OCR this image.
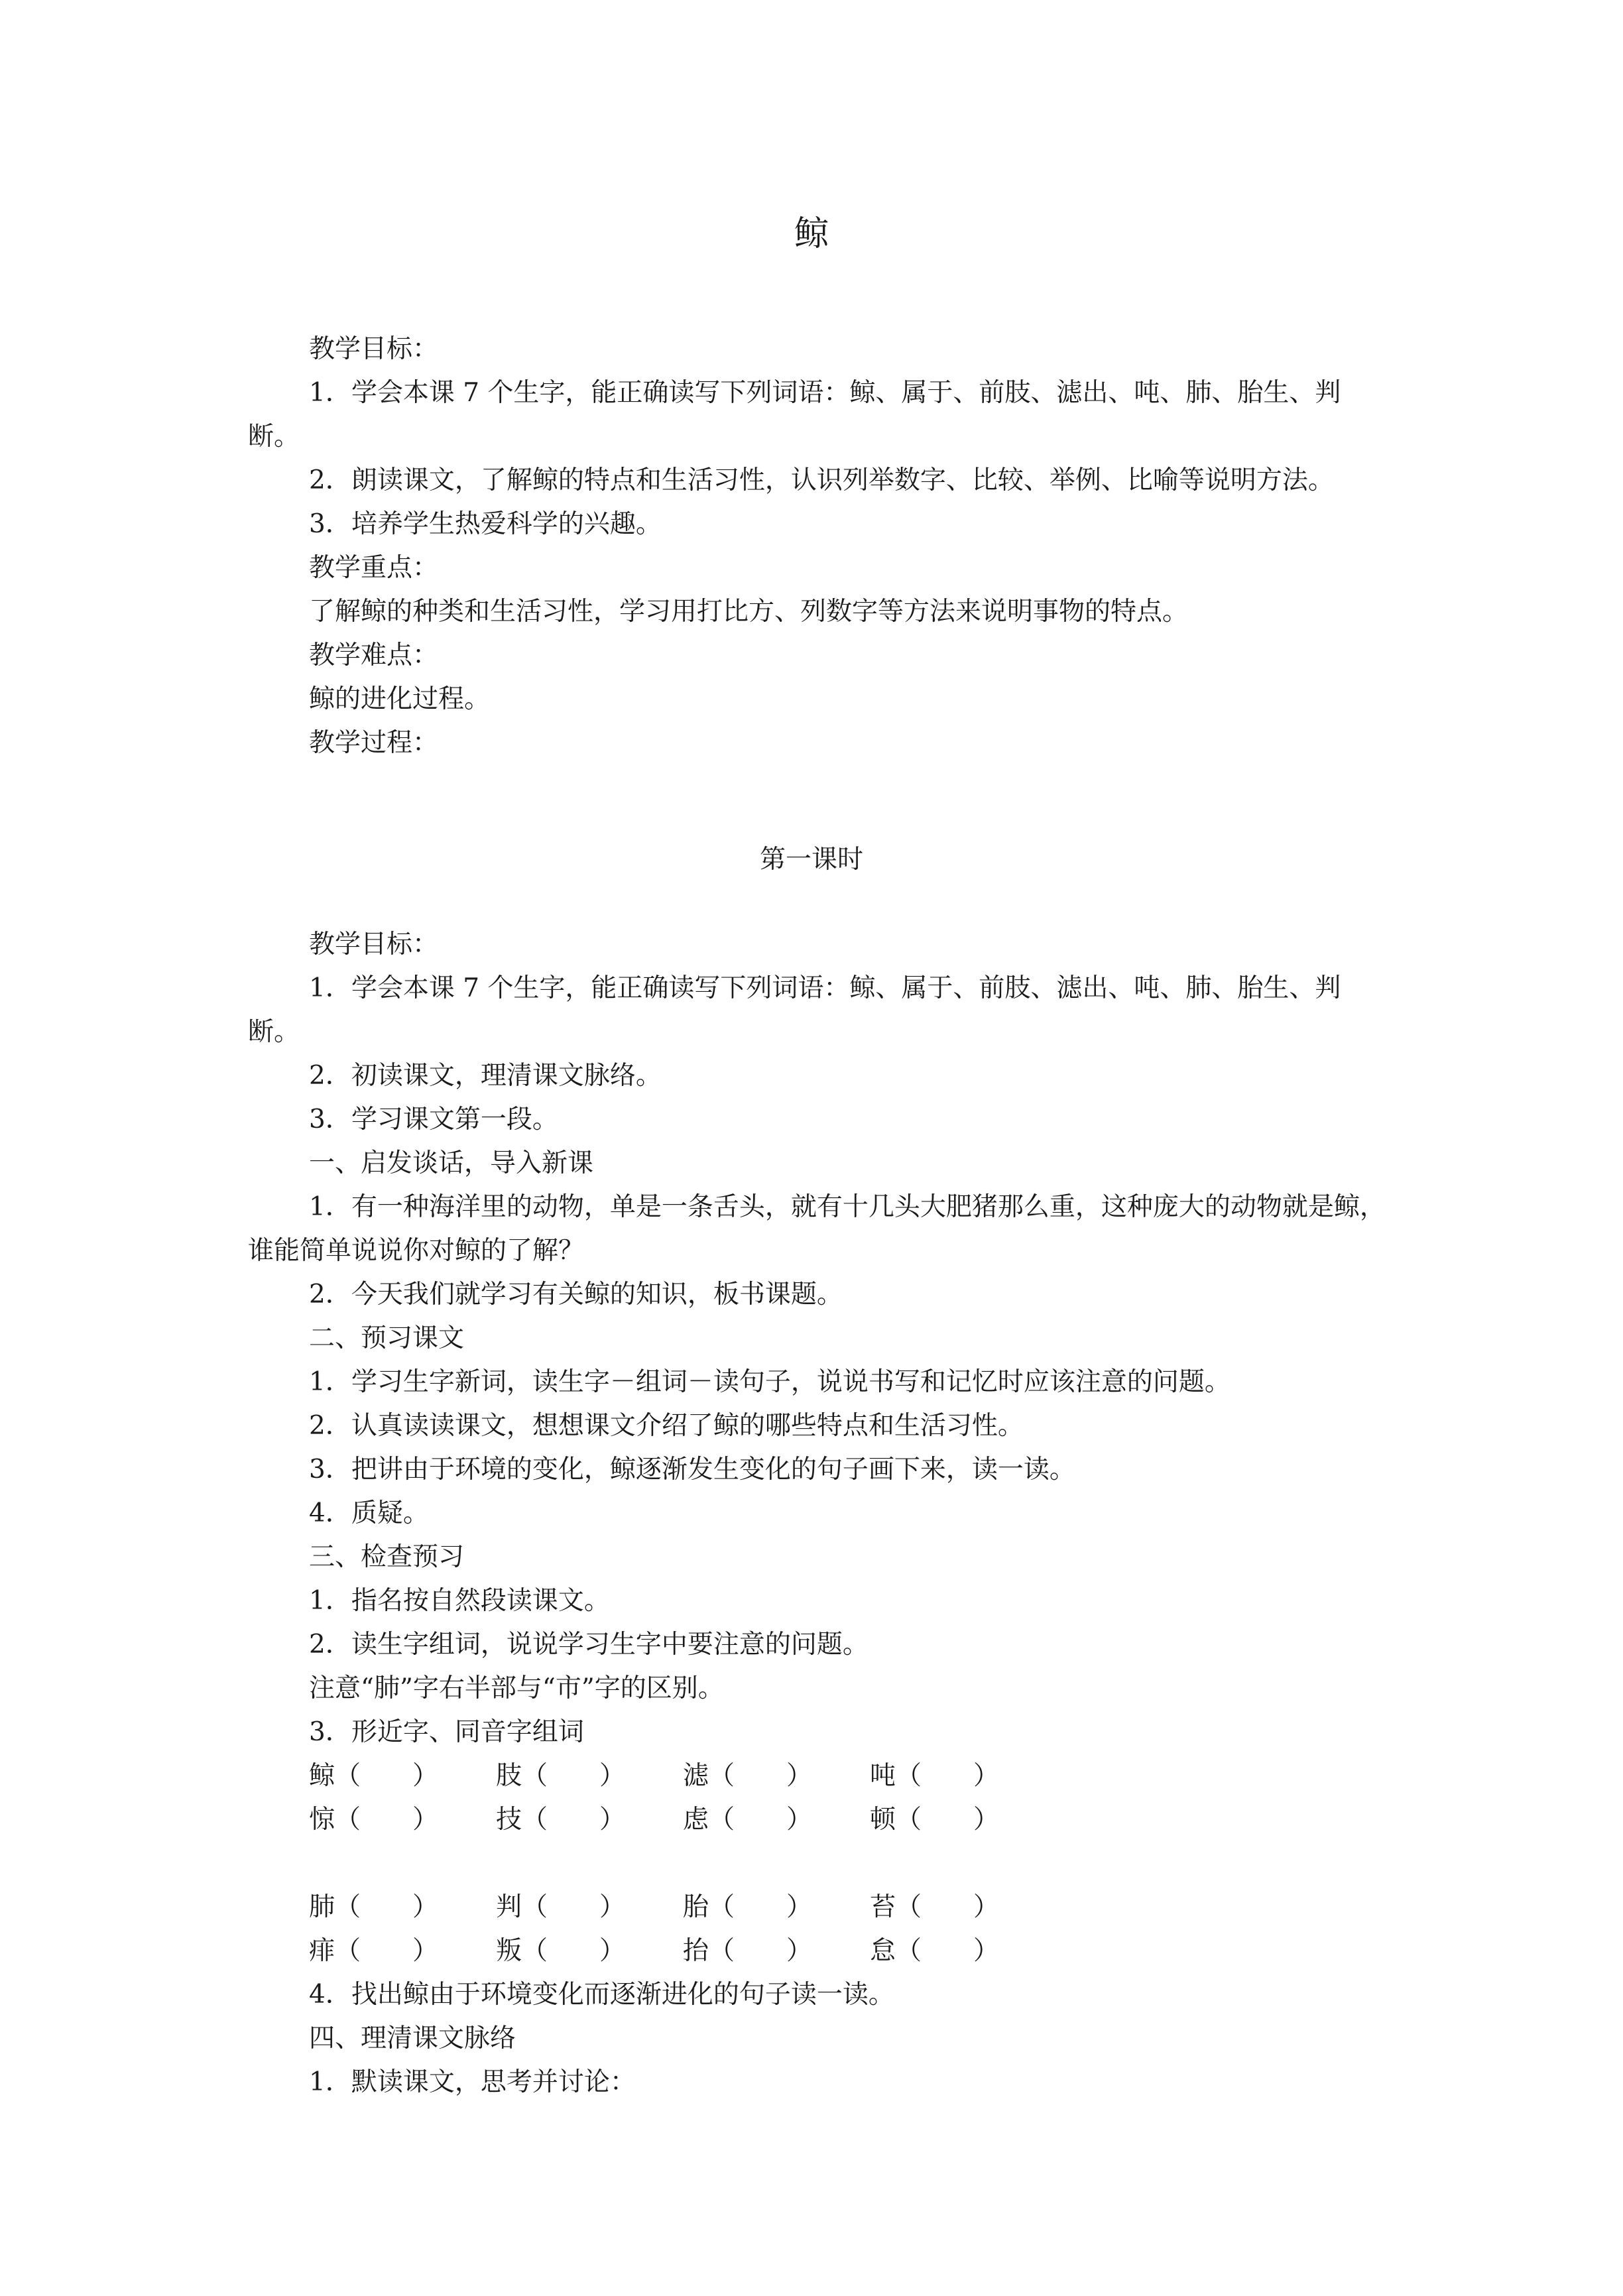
鲸

教学目标：

1．学会本课 7 个生字，能正确读写下列词语：鲸、属于、前肢、滤出、吨、肺、胎生、判断。

2．朗读课文，了解鲸的特点和生活习性，认识列举数字、比较、举例、比喻等说明方法。

3．培养学生热爱科学的兴趣。

教学重点：

了解鲸的种类和生活习性，学习用打比方、列数字等方法来说明事物的特点。

教学难点：

鲸的进化过程。

教学过程：

第一课时

教学目标：

1．学会本课 7 个生字，能正确读写下列词语：鲸、属于、前肢、滤出、吨、肺、胎生、判断。

2．初读课文，理清课文脉络。

3．学习课文第一段。

一、启发谈话，导入新课

1．有一种海洋里的动物，单是一条舌头，就有十几头大肥猪那么重，这种庞大的动物就是鲸，谁能简单说说你对鲸的了解？

2．今天我们就学习有关鲸的知识，板书课题。

二、预习课文

1．学习生字新词，读生字－组词－读句子，说说书写和记忆时应该注意的问题。

2．认真读读课文，想想课文介绍了鲸的哪些特点和生活习性。

3．把讲由于环境的变化，鲸逐渐发生变化的句子画下来，读一读。

4．质疑。

三、检查预习

1．指名按自然段读课文。

2．读生字组词，说说学习生字中要注意的问题。

注意“肺”字右半部与“市”字的区别。

3．形近字、同音字组词

鲸（　　）	肢（　　）	滤（　　）	吨（　　）
惊（　　）	技（　　）	虑（　　）	顿（　　）
肺（　　）	判（　　）	胎（　　）	苔（　　）
痱（　　）	叛（　　）	抬（　　）	怠（　　）

4．找出鲸由于环境变化而逐渐进化的句子读一读。

四、理清课文脉络

1．默读课文，思考并讨论：
